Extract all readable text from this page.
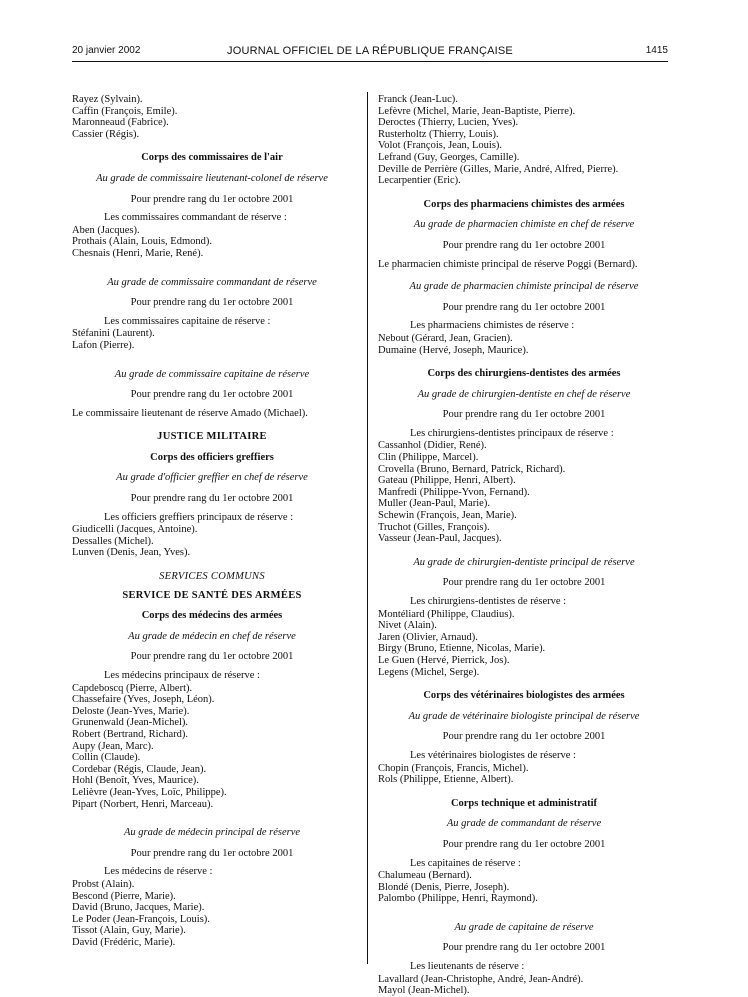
20 janvier 2002	JOURNAL OFFICIEL DE LA RÉPUBLIQUE FRANÇAISE	1415
Rayez (Sylvain).
Caffin (François, Emile).
Maronneaud (Fabrice).
Cassier (Régis).
Corps des commissaires de l'air
Au grade de commissaire lieutenant-colonel de réserve
Pour prendre rang du 1er octobre 2001
Les commissaires commandant de réserve :
Aben (Jacques).
Prothais (Alain, Louis, Edmond).
Chesnais (Henri, Marie, René).
Au grade de commissaire commandant de réserve
Pour prendre rang du 1er octobre 2001
Les commissaires capitaine de réserve :
Stéfanini (Laurent).
Lafon (Pierre).
Au grade de commissaire capitaine de réserve
Pour prendre rang du 1er octobre 2001
Le commissaire lieutenant de réserve Amado (Michael).
JUSTICE MILITAIRE
Corps des officiers greffiers
Au grade d'officier greffier en chef de réserve
Pour prendre rang du 1er octobre 2001
Les officiers greffiers principaux de réserve :
Giudicelli (Jacques, Antoine).
Dessalles (Michel).
Lunven (Denis, Jean, Yves).
SERVICES COMMUNS
SERVICE DE SANTÉ DES ARMÉES
Corps des médecins des armées
Au grade de médecin en chef de réserve
Pour prendre rang du 1er octobre 2001
Les médecins principaux de réserve :
Capdeboscq (Pierre, Albert).
Chassefaire (Yves, Joseph, Léon).
Deloste (Jean-Yves, Marie).
Grunenwald (Jean-Michel).
Robert (Bertrand, Richard).
Aupy (Jean, Marc).
Collin (Claude).
Cordebar (Régis, Claude, Jean).
Hohl (Benoît, Yves, Maurice).
Lelièvre (Jean-Yves, Loïc, Philippe).
Pipart (Norbert, Henri, Marceau).
Au grade de médecin principal de réserve
Pour prendre rang du 1er octobre 2001
Les médecins de réserve :
Probst (Alain).
Bescond (Pierre, Marie).
David (Bruno, Jacques, Marie).
Le Poder (Jean-François, Louis).
Tissot (Alain, Guy, Marie).
David (Frédéric, Marie).
Franck (Jean-Luc).
Lefèvre (Michel, Marie, Jean-Baptiste, Pierre).
Deroctes (Thierry, Lucien, Yves).
Rusterholtz (Thierry, Louis).
Volot (François, Jean, Louis).
Lefrand (Guy, Georges, Camille).
Deville de Perrière (Gilles, Marie, André, Alfred, Pierre).
Lecarpentier (Eric).
Corps des pharmaciens chimistes des armées
Au grade de pharmacien chimiste en chef de réserve
Pour prendre rang du 1er octobre 2001
Le pharmacien chimiste principal de réserve Poggi (Bernard).
Au grade de pharmacien chimiste principal de réserve
Pour prendre rang du 1er octobre 2001
Les pharmaciens chimistes de réserve :
Nebout (Gérard, Jean, Gracien).
Dumaine (Hervé, Joseph, Maurice).
Corps des chirurgiens-dentistes des armées
Au grade de chirurgien-dentiste en chef de réserve
Pour prendre rang du 1er octobre 2001
Les chirurgiens-dentistes principaux de réserve :
Cassanhol (Didier, René).
Clin (Philippe, Marcel).
Crovella (Bruno, Bernard, Patrick, Richard).
Gateau (Philippe, Henri, Albert).
Manfredi (Philippe-Yvon, Fernand).
Muller (Jean-Paul, Marie).
Schewin (François, Jean, Marie).
Truchot (Gilles, François).
Vasseur (Jean-Paul, Jacques).
Au grade de chirurgien-dentiste principal de réserve
Pour prendre rang du 1er octobre 2001
Les chirurgiens-dentistes de réserve :
Montéliard (Philippe, Claudius).
Nivet (Alain).
Jaren (Olivier, Arnaud).
Birgy (Bruno, Etienne, Nicolas, Marie).
Le Guen (Hervé, Pierrick, Jos).
Legens (Michel, Serge).
Corps des vétérinaires biologistes des armées
Au grade de vétérinaire biologiste principal de réserve
Pour prendre rang du 1er octobre 2001
Les vétérinaires biologistes de réserve :
Chopin (François, Francis, Michel).
Rols (Philippe, Etienne, Albert).
Corps technique et administratif
Au grade de commandant de réserve
Pour prendre rang du 1er octobre 2001
Les capitaines de réserve :
Chalumeau (Bernard).
Blondé (Denis, Pierre, Joseph).
Palombo (Philippe, Henri, Raymond).
Au grade de capitaine de réserve
Pour prendre rang du 1er octobre 2001
Les lieutenants de réserve :
Lavallard (Jean-Christophe, André, Jean-André).
Mayol (Jean-Michel).
